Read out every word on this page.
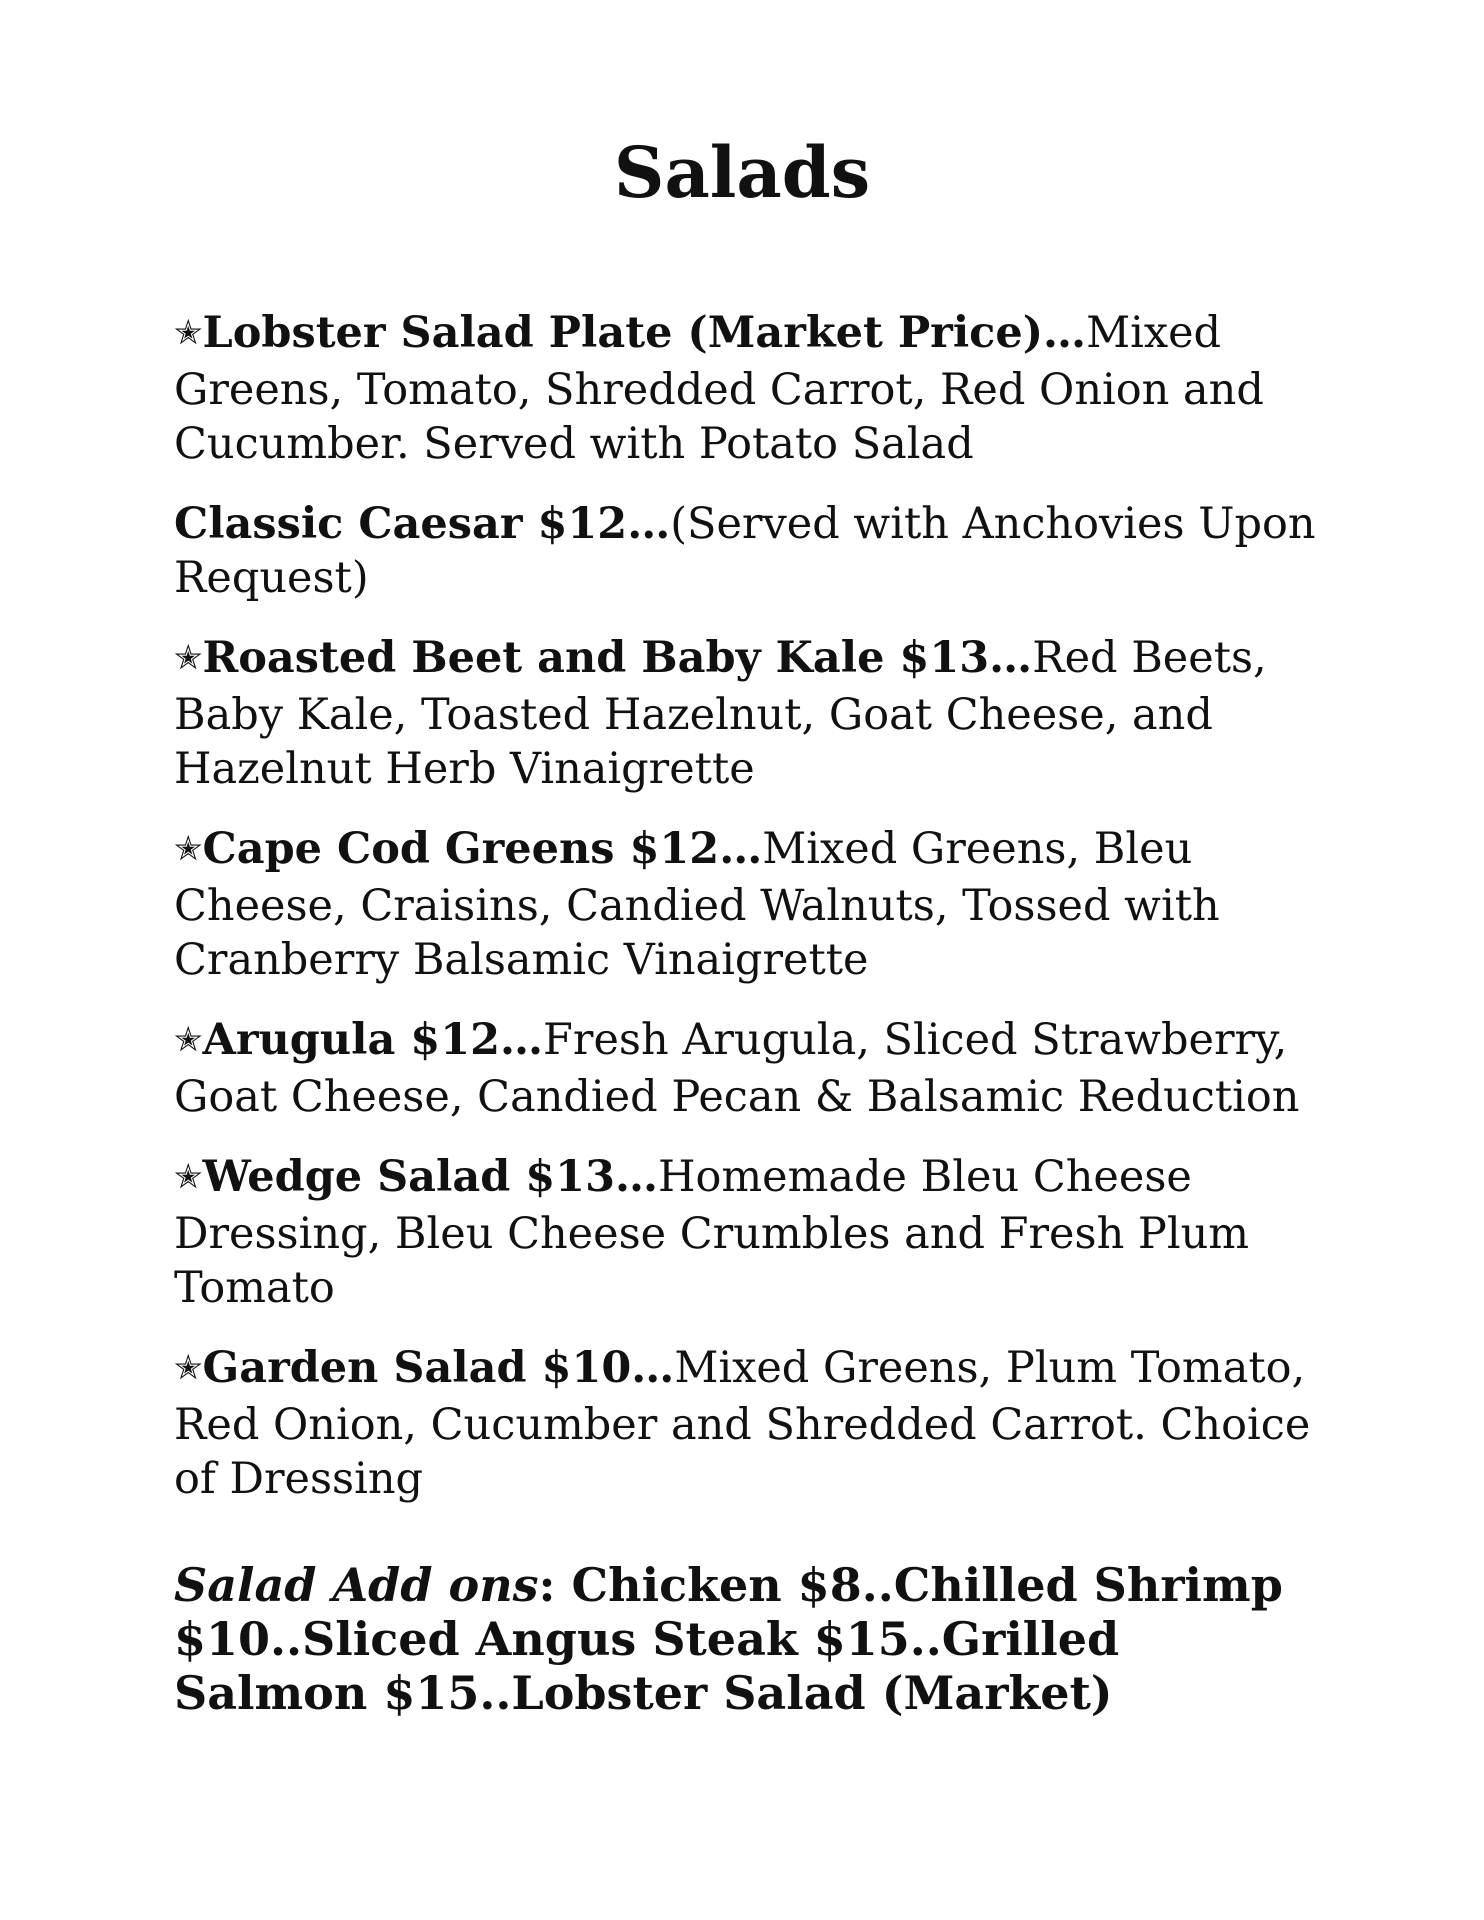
Salads

✭Lobster Salad Plate (Market Price)…Mixed Greens, Tomato, Shredded Carrot, Red Onion and Cucumber. Served with Potato Salad

Classic Caesar $12…(Served with Anchovies Upon Request)

✭Roasted Beet and Baby Kale $13…Red Beets, Baby Kale, Toasted Hazelnut, Goat Cheese, and Hazelnut Herb Vinaigrette

✭Cape Cod Greens $12…Mixed Greens, Bleu Cheese, Craisins, Candied Walnuts, Tossed with Cranberry Balsamic Vinaigrette

✭Arugula $12…Fresh Arugula, Sliced Strawberry, Goat Cheese, Candied Pecan & Balsamic Reduction

✭Wedge Salad $13…Homemade Bleu Cheese Dressing, Bleu Cheese Crumbles and Fresh Plum Tomato

✭Garden Salad $10…Mixed Greens, Plum Tomato, Red Onion, Cucumber and Shredded Carrot. Choice of Dressing

Salad Add ons: Chicken $8..Chilled Shrimp $10..Sliced Angus Steak $15..Grilled Salmon $15..Lobster Salad (Market)
